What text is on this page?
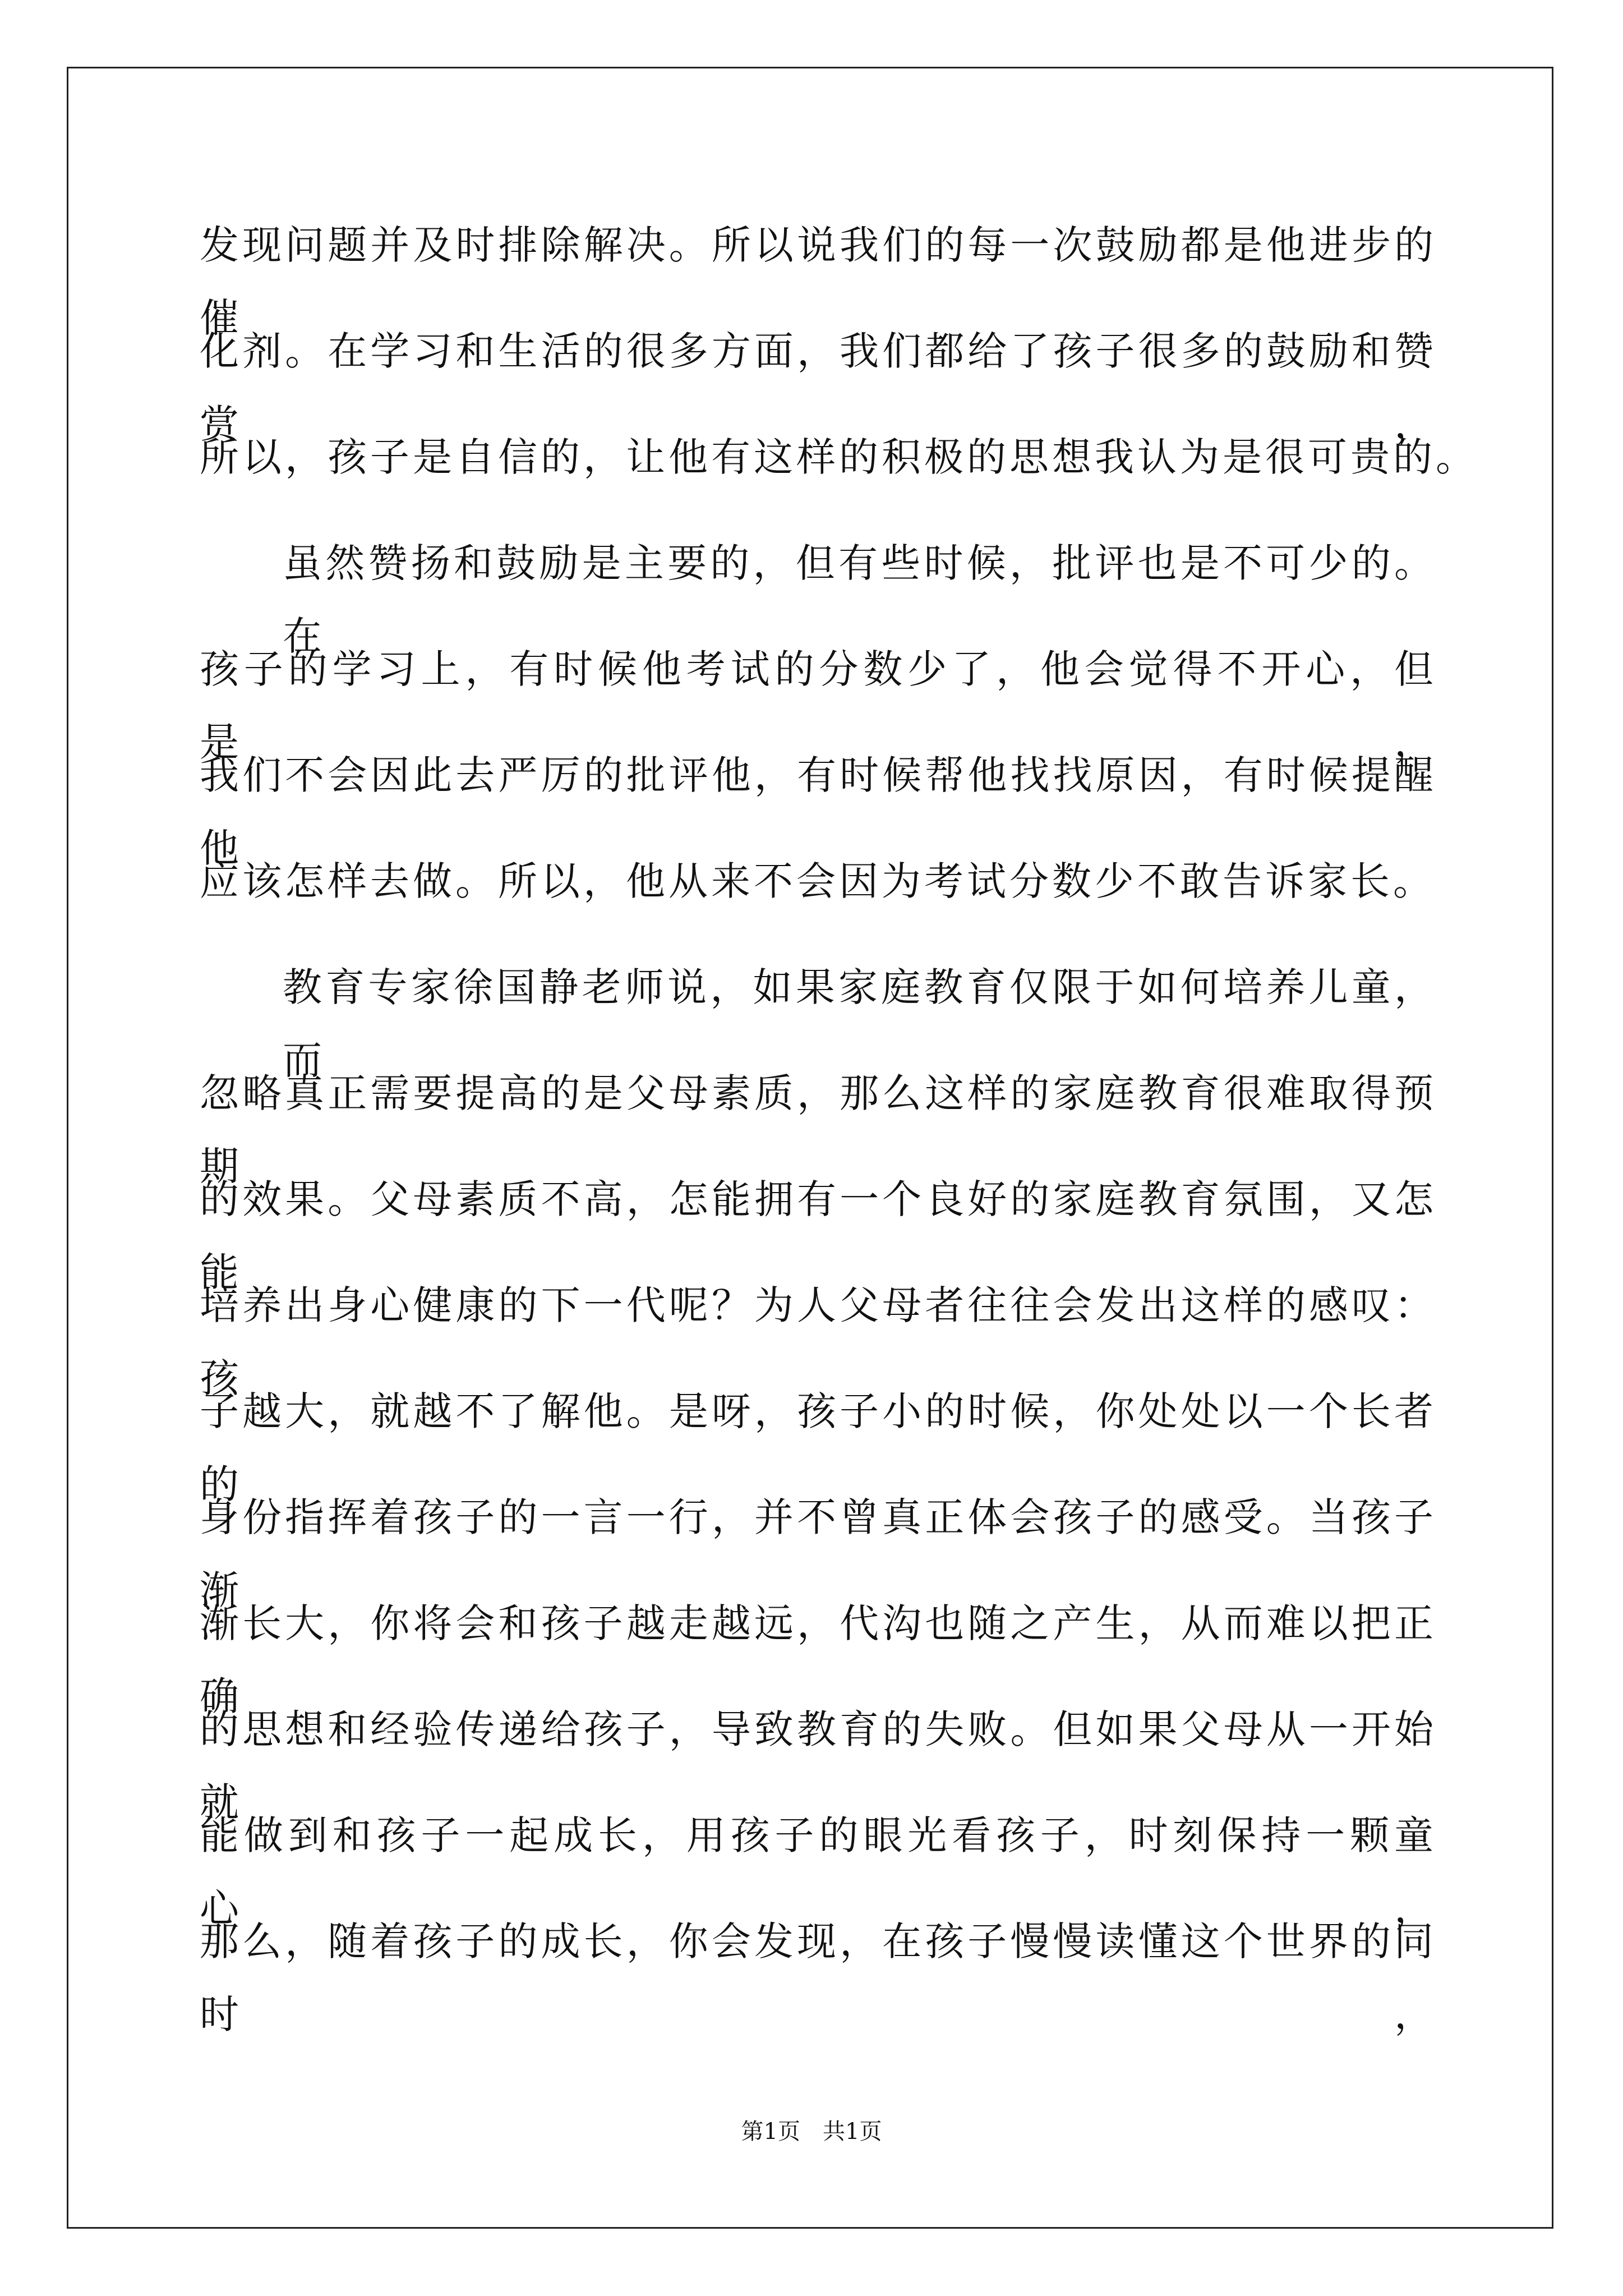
发现问题并及时排除解决。所以说我们的每一次鼓励都是他进步的催
化剂。在学习和生活的很多方面，我们都给了孩子很多的鼓励和赞赏，
所以，孩子是自信的，让他有这样的积极的思想我认为是很可贵的。
虽然赞扬和鼓励是主要的，但有些时候，批评也是不可少的。在
孩子的学习上，有时候他考试的分数少了，他会觉得不开心，但是，
我们不会因此去严厉的批评他，有时候帮他找找原因，有时候提醒他
应该怎样去做。所以，他从来不会因为考试分数少不敢告诉家长。
教育专家徐国静老师说，如果家庭教育仅限于如何培养儿童，而
忽略真正需要提高的是父母素质，那么这样的家庭教育很难取得预期
的效果。父母素质不高，怎能拥有一个良好的家庭教育氛围，又怎能
培养出身心健康的下一代呢？为人父母者往往会发出这样的感叹：孩
子越大，就越不了解他。是呀，孩子小的时候，你处处以一个长者的
身份指挥着孩子的一言一行，并不曾真正体会孩子的感受。当孩子渐
渐长大，你将会和孩子越走越远，代沟也随之产生，从而难以把正确
的思想和经验传递给孩子，导致教育的失败。但如果父母从一开始就
能做到和孩子一起成长，用孩子的眼光看孩子，时刻保持一颗童心，
那么，随着孩子的成长，你会发现，在孩子慢慢读懂这个世界的同时，
第1页　共1页
